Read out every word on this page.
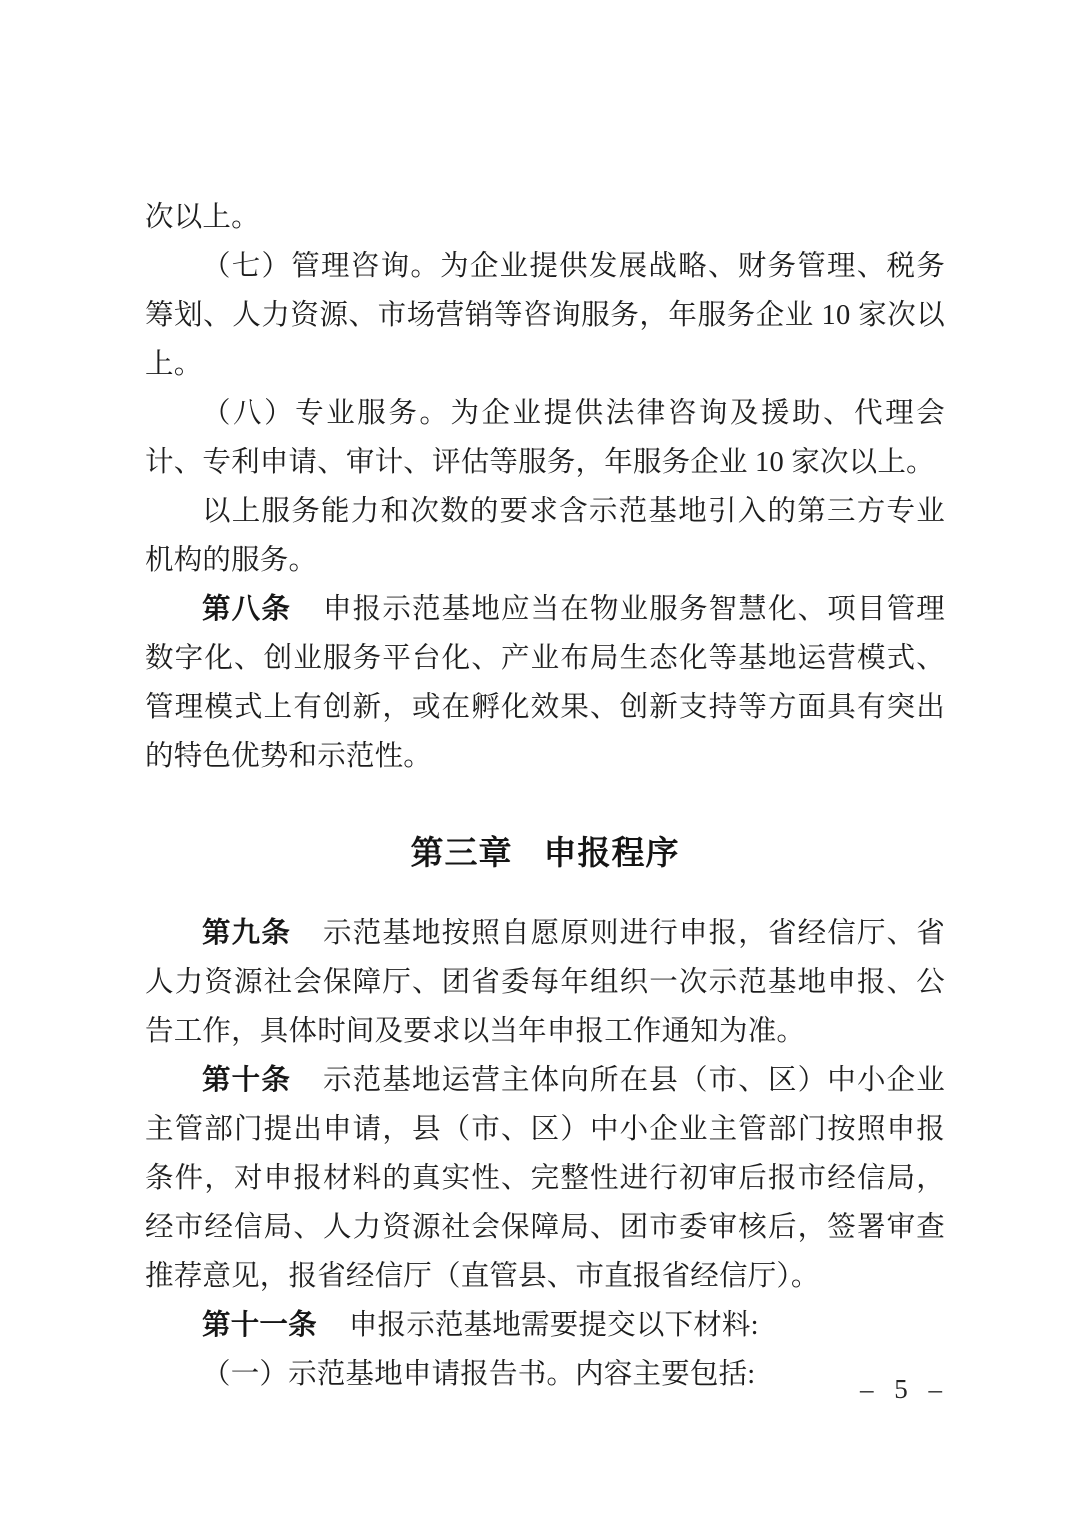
次以上。

（七）管理咨询。为企业提供发展战略、财务管理、税务筹划、人力资源、市场营销等咨询服务，年服务企业 10 家次以上。

（八）专业服务。为企业提供法律咨询及援助、代理会计、专利申请、审计、评估等服务，年服务企业 10 家次以上。

以上服务能力和次数的要求含示范基地引入的第三方专业机构的服务。

第八条 申报示范基地应当在物业服务智慧化、项目管理数字化、创业服务平台化、产业布局生态化等基地运营模式、管理模式上有创新，或在孵化效果、创新支持等方面具有突出的特色优势和示范性。

第三章 申报程序

第九条 示范基地按照自愿原则进行申报，省经信厅、省人力资源社会保障厅、团省委每年组织一次示范基地申报、公告工作，具体时间及要求以当年申报工作通知为准。

第十条 示范基地运营主体向所在县（市、区）中小企业主管部门提出申请，县（市、区）中小企业主管部门按照申报条件，对申报材料的真实性、完整性进行初审后报市经信局，经市经信局、人力资源社会保障局、团市委审核后，签署审查推荐意见，报省经信厅（直管县、市直报省经信厅）。

第十一条 申报示范基地需要提交以下材料:

（一）示范基地申请报告书。内容主要包括:	– 5 –
